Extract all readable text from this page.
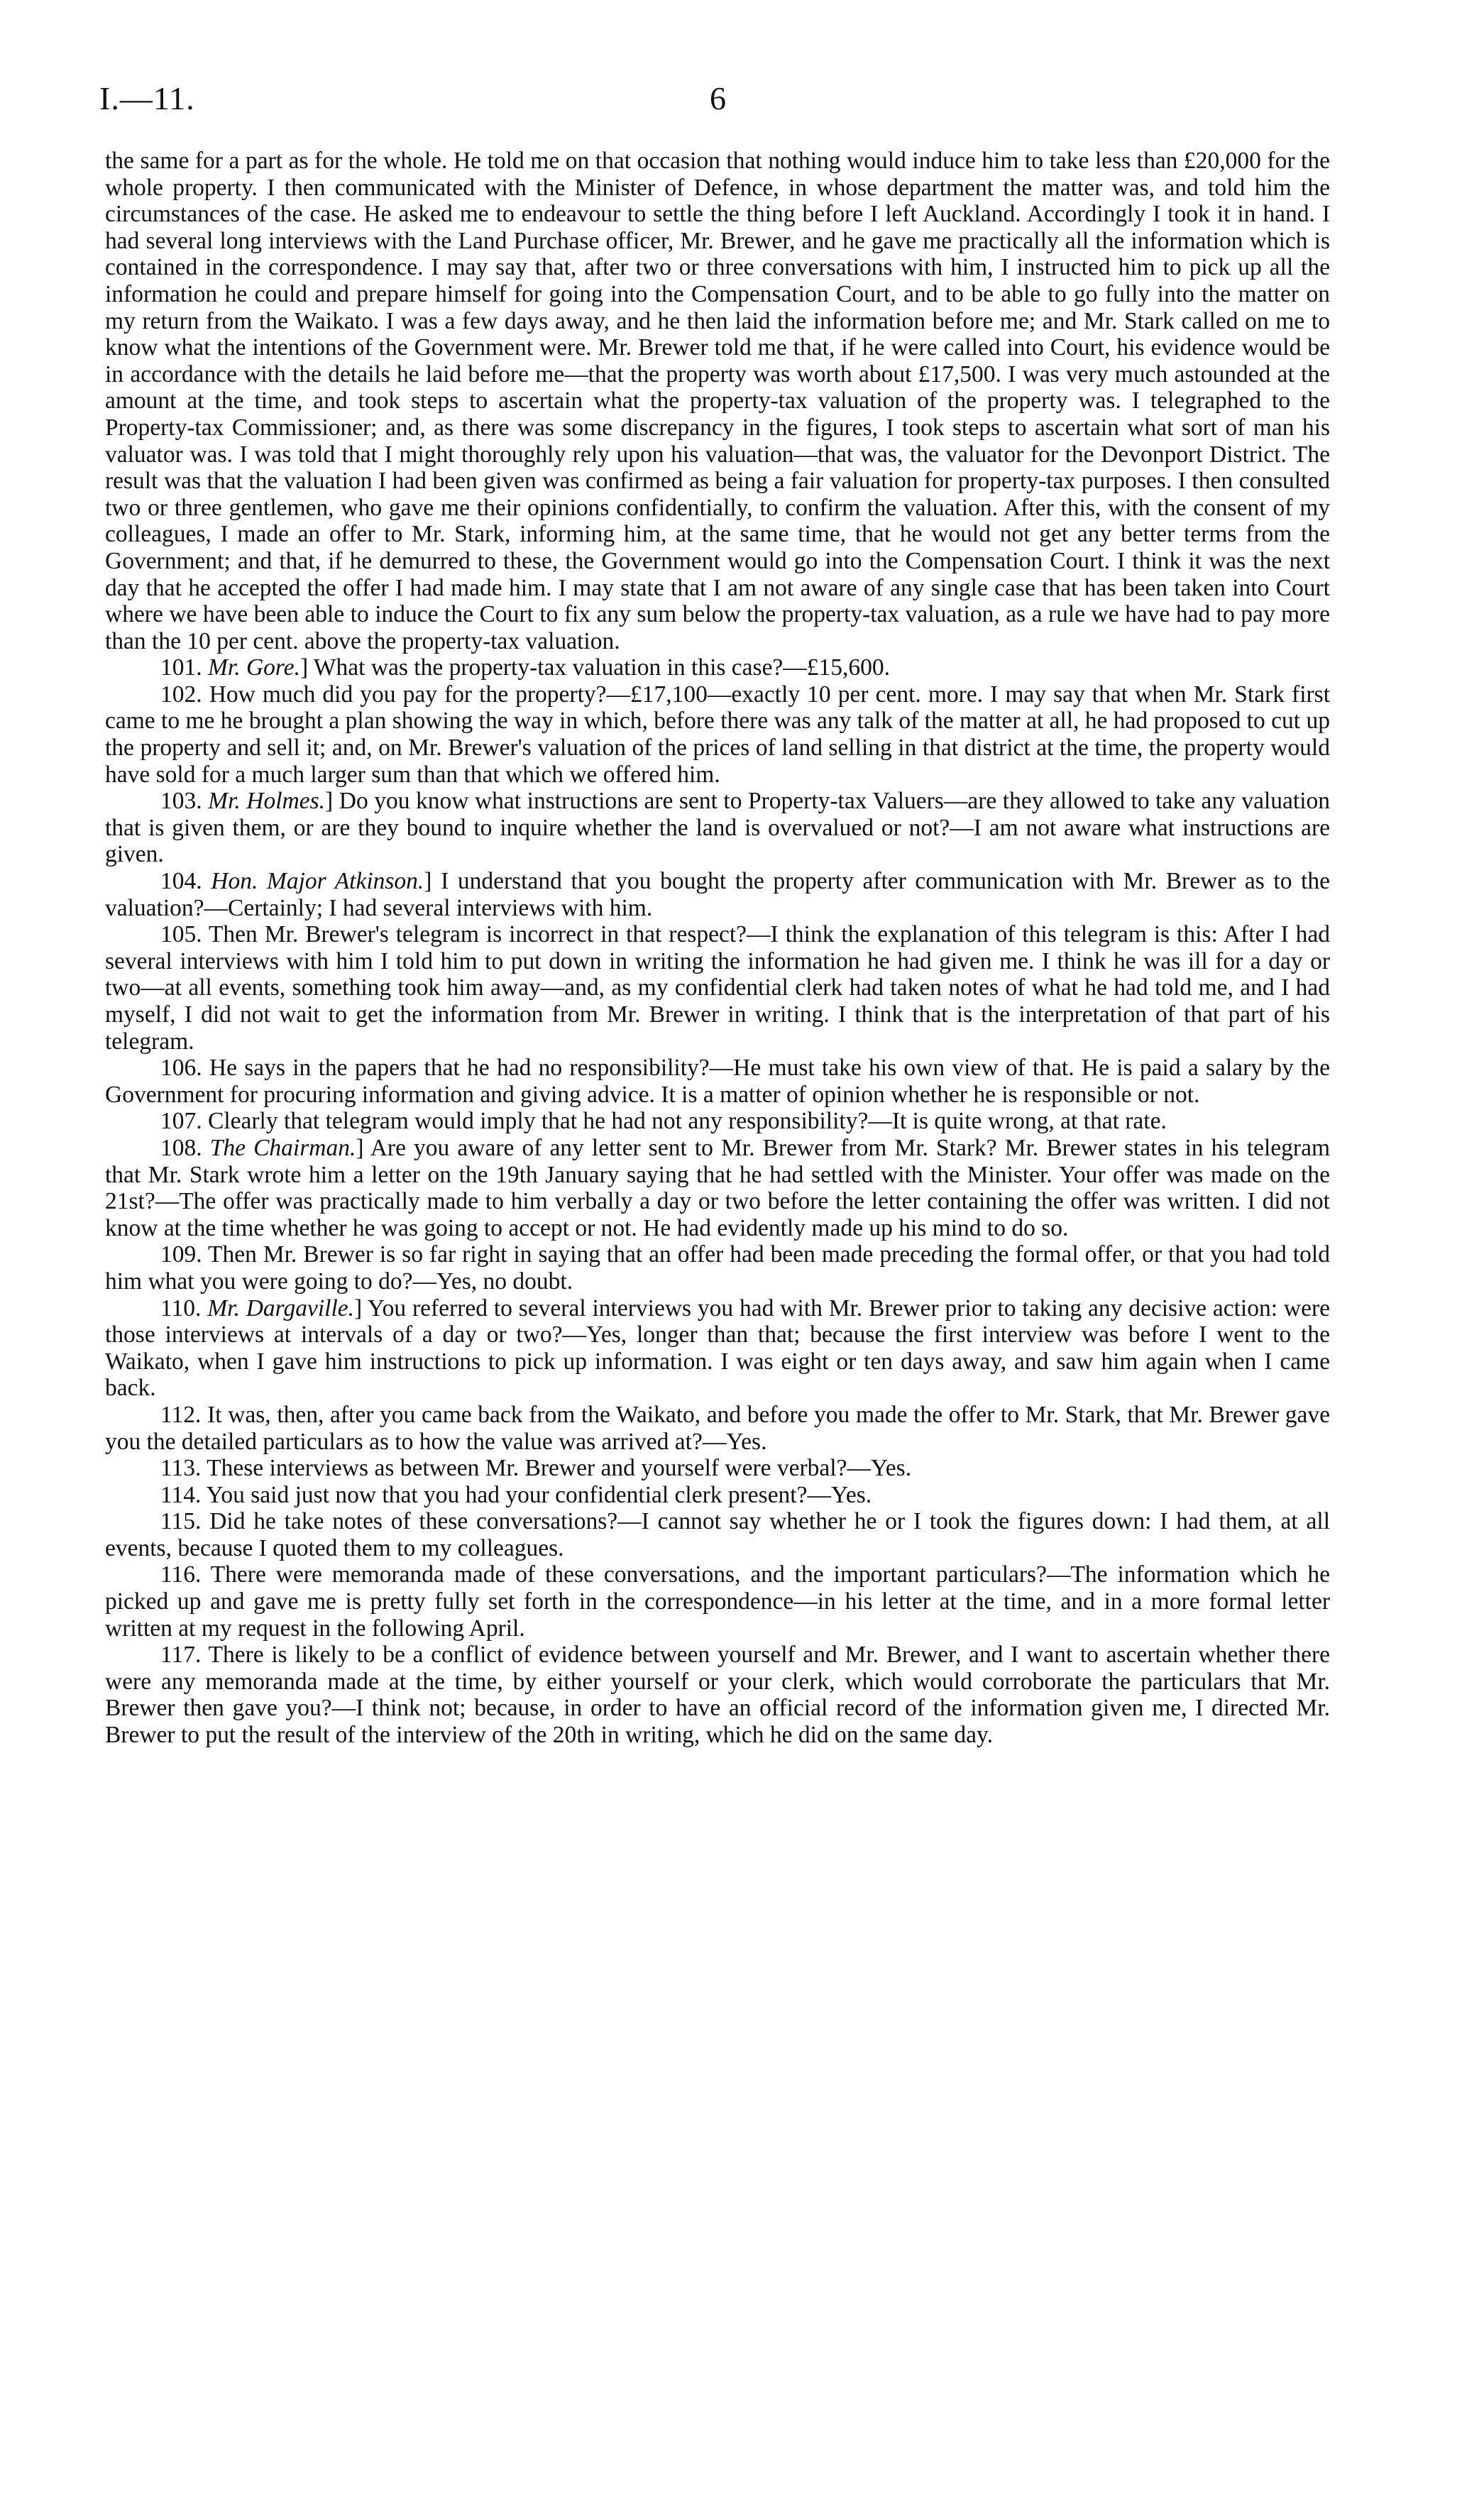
I.—11.	6

the same for a part as for the whole. He told me on that occasion that nothing would induce him to take less than £20,000 for the whole property. I then communicated with the Minister of Defence, in whose department the matter was, and told him the circumstances of the case. He asked me to endeavour to settle the thing before I left Auckland. Accordingly I took it in hand. I had several long interviews with the Land Purchase officer, Mr. Brewer, and he gave me practically all the information which is contained in the correspondence. I may say that, after two or three conversations with him, I instructed him to pick up all the information he could and prepare himself for going into the Compensation Court, and to be able to go fully into the matter on my return from the Waikato. I was a few days away, and he then laid the information before me; and Mr. Stark called on me to know what the intentions of the Government were. Mr. Brewer told me that, if he were called into Court, his evidence would be in accordance with the details he laid before me—that the property was worth about £17,500. I was very much astounded at the amount at the time, and took steps to ascertain what the property-tax valuation of the property was. I telegraphed to the Property-tax Commissioner; and, as there was some discrepancy in the figures, I took steps to ascertain what sort of man his valuator was. I was told that I might thoroughly rely upon his valuation—that was, the valuator for the Devonport District. The result was that the valuation I had been given was confirmed as being a fair valuation for property-tax purposes. I then consulted two or three gentlemen, who gave me their opinions confidentially, to confirm the valuation. After this, with the consent of my colleagues, I made an offer to Mr. Stark, informing him, at the same time, that he would not get any better terms from the Government; and that, if he demurred to these, the Government would go into the Compensation Court. I think it was the next day that he accepted the offer I had made him. I may state that I am not aware of any single case that has been taken into Court where we have been able to induce the Court to fix any sum below the property-tax valuation, as a rule we have had to pay more than the 10 per cent. above the property-tax valuation.

101. Mr. Gore.] What was the property-tax valuation in this case?—£15,600.

102. How much did you pay for the property?—£17,100—exactly 10 per cent. more. I may say that when Mr. Stark first came to me he brought a plan showing the way in which, before there was any talk of the matter at all, he had proposed to cut up the property and sell it; and, on Mr. Brewer's valuation of the prices of land selling in that district at the time, the property would have sold for a much larger sum than that which we offered him.

103. Mr. Holmes.] Do you know what instructions are sent to Property-tax Valuers—are they allowed to take any valuation that is given them, or are they bound to inquire whether the land is overvalued or not?—I am not aware what instructions are given.

104. Hon. Major Atkinson.] I understand that you bought the property after communication with Mr. Brewer as to the valuation?—Certainly; I had several interviews with him.

105. Then Mr. Brewer's telegram is incorrect in that respect?—I think the explanation of this telegram is this: After I had several interviews with him I told him to put down in writing the information he had given me. I think he was ill for a day or two—at all events, something took him away—and, as my confidential clerk had taken notes of what he had told me, and I had myself, I did not wait to get the information from Mr. Brewer in writing. I think that is the interpretation of that part of his telegram.

106. He says in the papers that he had no responsibility?—He must take his own view of that. He is paid a salary by the Government for procuring information and giving advice. It is a matter of opinion whether he is responsible or not.

107. Clearly that telegram would imply that he had not any responsibility?—It is quite wrong, at that rate.

108. The Chairman.] Are you aware of any letter sent to Mr. Brewer from Mr. Stark? Mr. Brewer states in his telegram that Mr. Stark wrote him a letter on the 19th January saying that he had settled with the Minister. Your offer was made on the 21st?—The offer was practically made to him verbally a day or two before the letter containing the offer was written. I did not know at the time whether he was going to accept or not. He had evidently made up his mind to do so.

109. Then Mr. Brewer is so far right in saying that an offer had been made preceding the formal offer, or that you had told him what you were going to do?—Yes, no doubt.

110. Mr. Dargaville.] You referred to several interviews you had with Mr. Brewer prior to taking any decisive action: were those interviews at intervals of a day or two?—Yes, longer than that; because the first interview was before I went to the Waikato, when I gave him instructions to pick up information. I was eight or ten days away, and saw him again when I came back.

112. It was, then, after you came back from the Waikato, and before you made the offer to Mr. Stark, that Mr. Brewer gave you the detailed particulars as to how the value was arrived at?—Yes.

113. These interviews as between Mr. Brewer and yourself were verbal?—Yes.

114. You said just now that you had your confidential clerk present?—Yes.

115. Did he take notes of these conversations?—I cannot say whether he or I took the figures down: I had them, at all events, because I quoted them to my colleagues.

116. There were memoranda made of these conversations, and the important particulars?—The information which he picked up and gave me is pretty fully set forth in the correspondence—in his letter at the time, and in a more formal letter written at my request in the following April.

117. There is likely to be a conflict of evidence between yourself and Mr. Brewer, and I want to ascertain whether there were any memoranda made at the time, by either yourself or your clerk, which would corroborate the particulars that Mr. Brewer then gave you?—I think not; because, in order to have an official record of the information given me, I directed Mr. Brewer to put the result of the interview of the 20th in writing, which he did on the same day.
